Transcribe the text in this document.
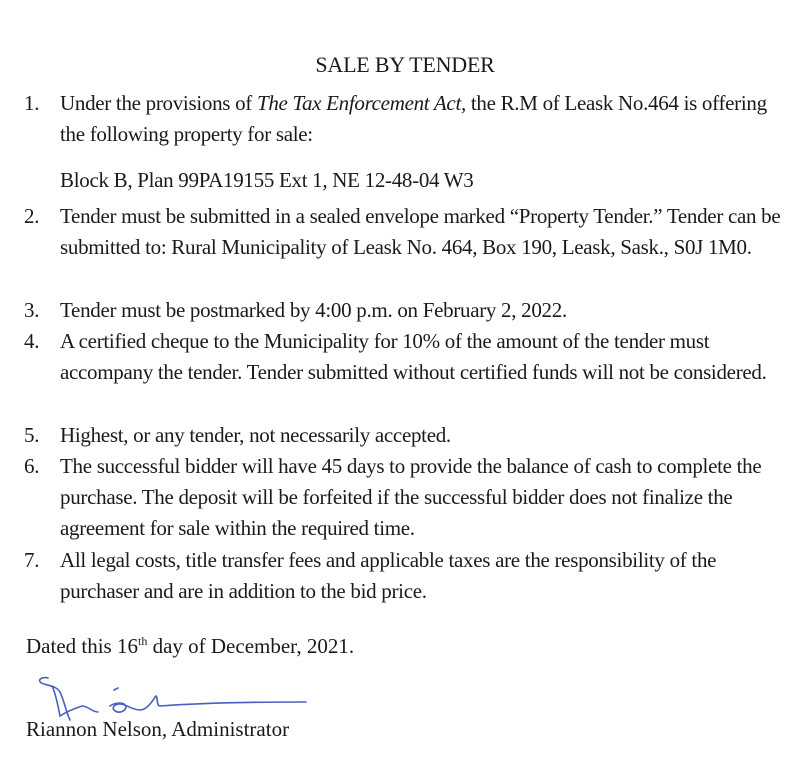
SALE BY TENDER
1. Under the provisions of The Tax Enforcement Act, the R.M of Leask No.464 is offering the following property for sale:
Block B, Plan 99PA19155 Ext 1, NE 12-48-04 W3
2. Tender must be submitted in a sealed envelope marked “Property Tender.” Tender can be submitted to: Rural Municipality of Leask No. 464, Box 190, Leask, Sask., S0J 1M0.
3. Tender must be postmarked by 4:00 p.m. on February 2, 2022.
4. A certified cheque to the Municipality for 10% of the amount of the tender must accompany the tender. Tender submitted without certified funds will not be considered.
5. Highest, or any tender, not necessarily accepted.
6. The successful bidder will have 45 days to provide the balance of cash to complete the purchase. The deposit will be forfeited if the successful bidder does not finalize the agreement for sale within the required time.
7. All legal costs, title transfer fees and applicable taxes are the responsibility of the purchaser and are in addition to the bid price.
Dated this 16th day of December, 2021.
Riannon Nelson, Administrator
